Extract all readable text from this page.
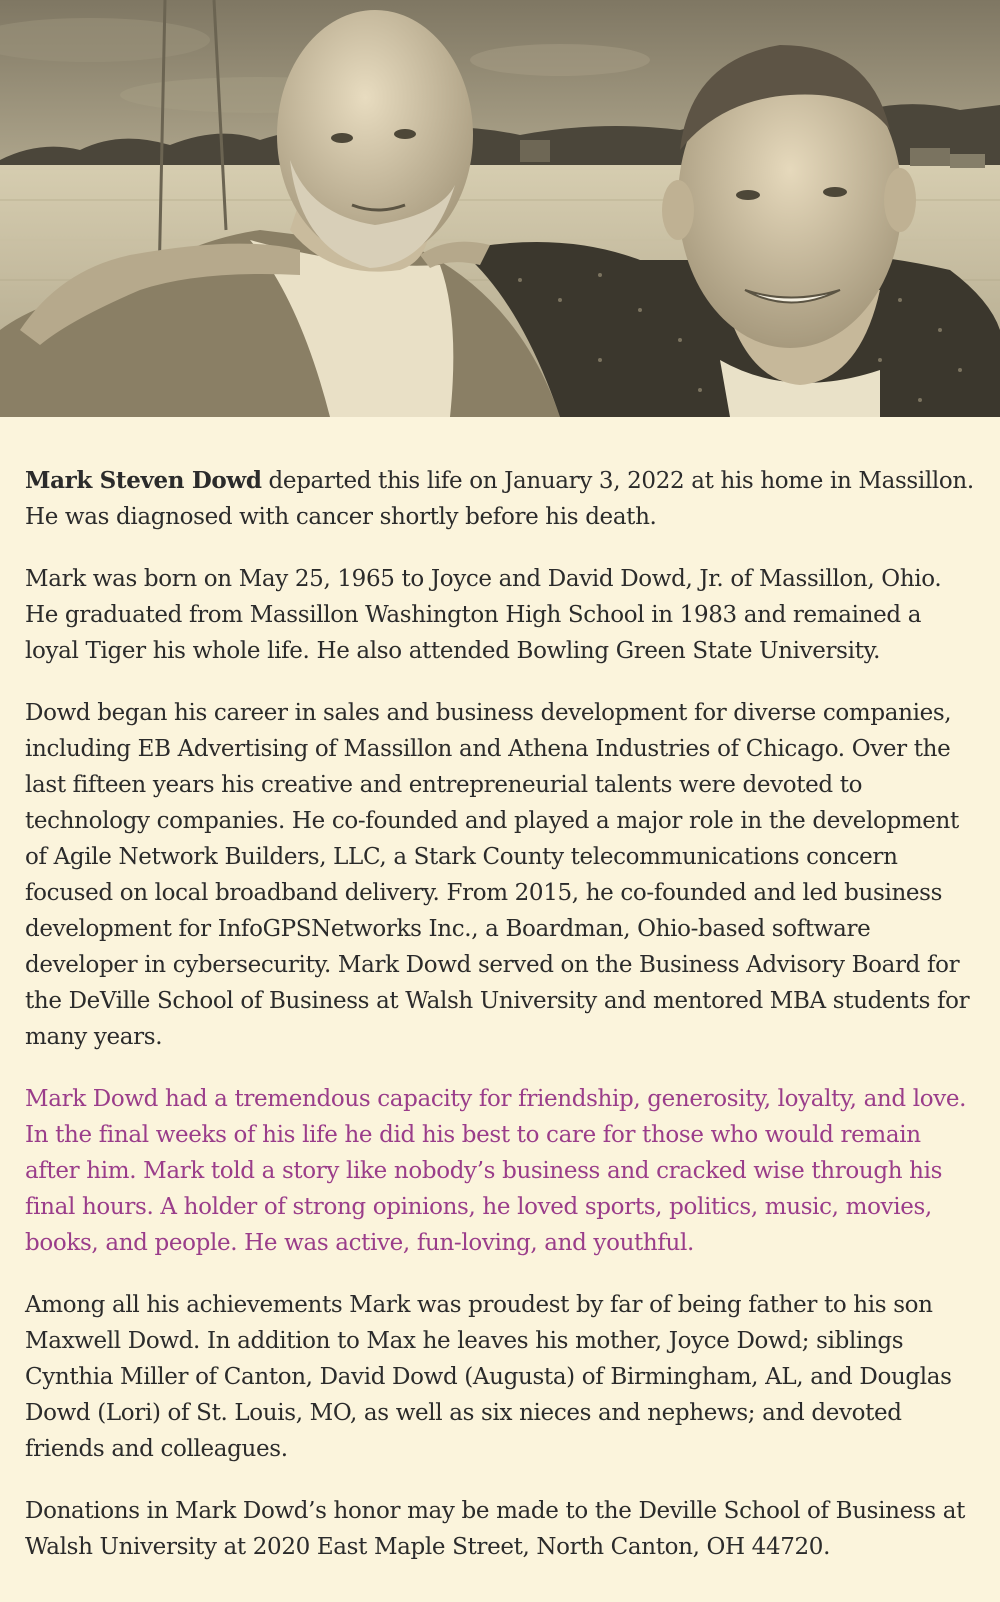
Mark Steven Dowd departed this life on January 3, 2022 at his home in Massillon. He was diagnosed with cancer shortly before his death.

Mark was born on May 25, 1965 to Joyce and David Dowd, Jr. of Massillon, Ohio. He graduated from Massillon Washington High School in 1983 and remained a loyal Tiger his whole life. He also attended Bowling Green State University.

Dowd began his career in sales and business development for diverse companies, including EB Advertising of Massillon and Athena Industries of Chicago. Over the last fifteen years his creative and entrepreneurial talents were devoted to technology companies. He co-founded and played a major role in the development of Agile Network Builders, LLC, a Stark County telecommunications concern focused on local broadband delivery. From 2015, he co-founded and led business development for InfoGPSNetworks Inc., a Boardman, Ohio-based software developer in cybersecurity. Mark Dowd served on the Business Advisory Board for the DeVille School of Business at Walsh University and mentored MBA students for many years.

Mark Dowd had a tremendous capacity for friendship, generosity, loyalty, and love. In the final weeks of his life he did his best to care for those who would remain after him. Mark told a story like nobody’s business and cracked wise through his final hours. A holder of strong opinions, he loved sports, politics, music, movies, books, and people. He was active, fun-loving, and youthful.

Among all his achievements Mark was proudest by far of being father to his son Maxwell Dowd. In addition to Max he leaves his mother, Joyce Dowd; siblings Cynthia Miller of Canton, David Dowd (Augusta) of Birmingham, AL, and Douglas Dowd (Lori) of St. Louis, MO, as well as six nieces and nephews; and devoted friends and colleagues.

Donations in Mark Dowd’s honor may be made to the Deville School of Business at Walsh University at 2020 East Maple Street, North Canton, OH 44720.
